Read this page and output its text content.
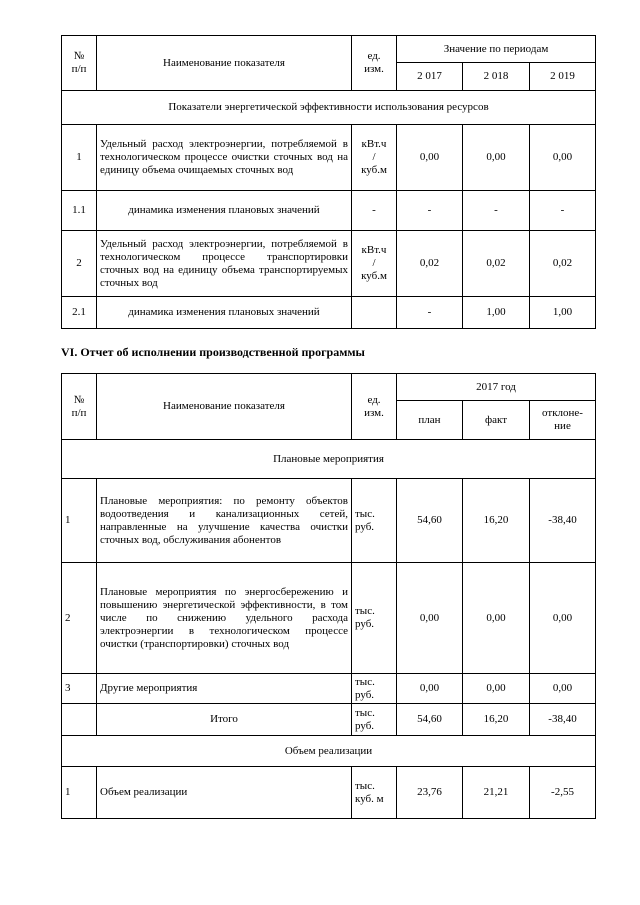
№
п/п	Наименование показателя	ед.
изм.	Значение по периодам		
			2 017	2 018	2 019
Показатели энергетической эффективности использования ресурсов					
1	Удельный расход электроэнергии, потребляемой в технологическом процессе очистки сточных вод на единицу объема очищаемых сточных вод	кВт.ч
/
куб.м	0,00	0,00	0,00
1.1	динамика изменения плановых значений	-	-	-	-
2	Удельный расход электроэнергии, потребляемой в технологическом процессе транспортировки сточных вод на единицу объема транспортируемых сточных вод	кВт.ч
/
куб.м	0,02	0,02	0,02
2.1	динамика изменения плановых значений		-	1,00	1,00

VI. Отчет об исполнении производственной программы

№
п/п	Наименование показателя	ед.
изм.	2017 год		
			план	факт	отклоне-
ние
Плановые мероприятия					
1	Плановые мероприятия: по ремонту объектов водоотведения и канализационных сетей, направленные на улучшение качества очистки сточных вод, обслуживания абонентов	тыс.
руб.	54,60	16,20	-38,40
2	Плановые мероприятия по энергосбережению и повышению энергетической эффективности, в том числе по снижению удельного расхода электроэнергии в технологическом процессе очистки (транспортировки) сточных вод	тыс.
руб.	0,00	0,00	0,00
3	Другие мероприятия	тыс.
руб.	0,00	0,00	0,00
	Итого	тыс.
руб.	54,60	16,20	-38,40
Объем реализации					
1	Объем реализации	тыс.
куб. м	23,76	21,21	-2,55
